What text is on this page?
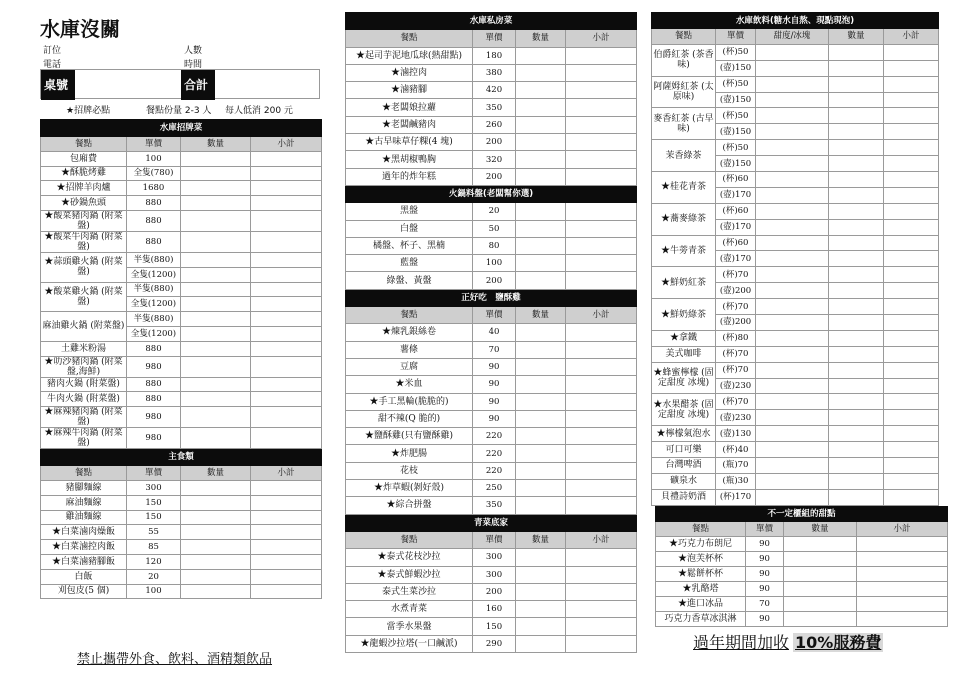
水庫沒關
訂位
電話
人數
時間
桌號	合計
★招牌必點	餐點份量 2-3 人 每人低消 200 元
水庫招牌菜			
餐點	單價	數量	小計
包廂費	100		
★酥脆烤雞	全隻(780)		
★招牌羊肉爐	1680		
★砂鍋魚頭	880		
★酸菜豬肉鍋 (附菜盤)	880		
★酸菜牛肉鍋 (附菜盤)	880		
★蒜頭雞火鍋 (附菜盤)	半隻(880)		
	全隻(1200)		
★酸菜雞火鍋 (附菜盤)	半隻(880)		
	全隻(1200)		
麻油雞火鍋 (附菜盤)	半隻(880)		
	全隻(1200)		
土雞米粉湯	880		
★叻沙豬肉鍋 (附菜盤,海鮮)	980		
豬肉火鍋 (附菜盤)	880		
牛肉火鍋 (附菜盤)	880		
★麻辣豬肉鍋 (附菜盤)	980		
★麻辣牛肉鍋 (附菜盤)	980		
主食類			
餐點	單價	數量	小計
豬腳麵線	300		
麻油麵線	150		
雞油麵線	150		
★白菜滷肉燥飯	55		
★白菜滷控肉飯	85		
★白菜滷豬腳飯	120		
白飯	20		
刈包皮(5 個)	100		
水庫私房菜			
餐點	單價	數量	小計
★起司芋泥地瓜球(熱甜點)	180		
★滷控肉	380		
★滷豬腳	420		
★老闆娘拉蘿	350		
★老闆鹹豬肉	260		
★古早味草仔粿(4 塊)	200		
★黑胡椒鴨胸	320		
過年的炸年糕	200		
火鍋料盤(老闆幫你選)			
黑盤	20		
白盤	50		
橘盤、杯子、黑楠	80		
藍盤	100		
綠盤、黃盤	200		
正好吃　鹽酥雞			
餐點	單價	數量	小計
★煉乳銀絲卷	40		
薯條	70		
豆腐	90		
★米血	90		
★手工黑輪(脆脆的)	90		
甜不辣(Q 脆的)	90		
★鹽酥雞(只有鹽酥雞)	220		
★炸肥腸	220		
花枝	220		
★炸草蝦(剝好殼)	250		
★綜合拼盤	350		
青菜底家			
餐點	單價	數量	小計
★泰式花枝沙拉	300		
★泰式鮮蝦沙拉	300		
泰式生菜沙拉	200		
水煮青菜	160		
當季水果盤	150		
★龍蝦沙拉塔(一口鹹派)	290		
水庫飲料(糖水自熬、現點現泡)				
餐點	單價	甜度/冰塊	數量	小計
伯爵紅茶 (茶香味)	(杯)50			
	(壺)150			
阿薩姆紅茶 (太原味)	(杯)50			
	(壺)150			
麥香紅茶 (古早味)	(杯)50			
	(壺)150			
茉香綠茶	(杯)50			
	(壺)150			
★桂花青茶	(杯)60			
	(壺)170			
★蕎麥綠茶	(杯)60			
	(壺)170			
★牛蒡青茶	(杯)60			
	(壺)170			
★鮮奶紅茶	(杯)70			
	(壺)200			
★鮮奶綠茶	(杯)70			
	(壺)200			
★拿鐵	(杯)80			
美式咖啡	(杯)70			
★蜂蜜檸檬 (固定甜度 冰塊)	(杯)70			
	(壺)230			
★水果醋茶 (固定甜度 冰塊)	(杯)70			
	(壺)230			
★檸檬氣泡水	(壺)130			
可口可樂	(杯)40			
台灣啤酒	(瓶)70			
礦泉水	(瓶)30			
貝禮詩奶酒	(杯)170			
不一定櫃組的甜點			
餐點	單價	數量	小計
★巧克力布朗尼	90		
★泡芙杯杯	90		
★鬆餅杯杯	90		
★乳酪塔	90		
★進口冰品	70		
巧克力香草冰淇淋	90		
禁止攜帶外食、飲料、酒精類飲品
過年期間加收 10%服務費
